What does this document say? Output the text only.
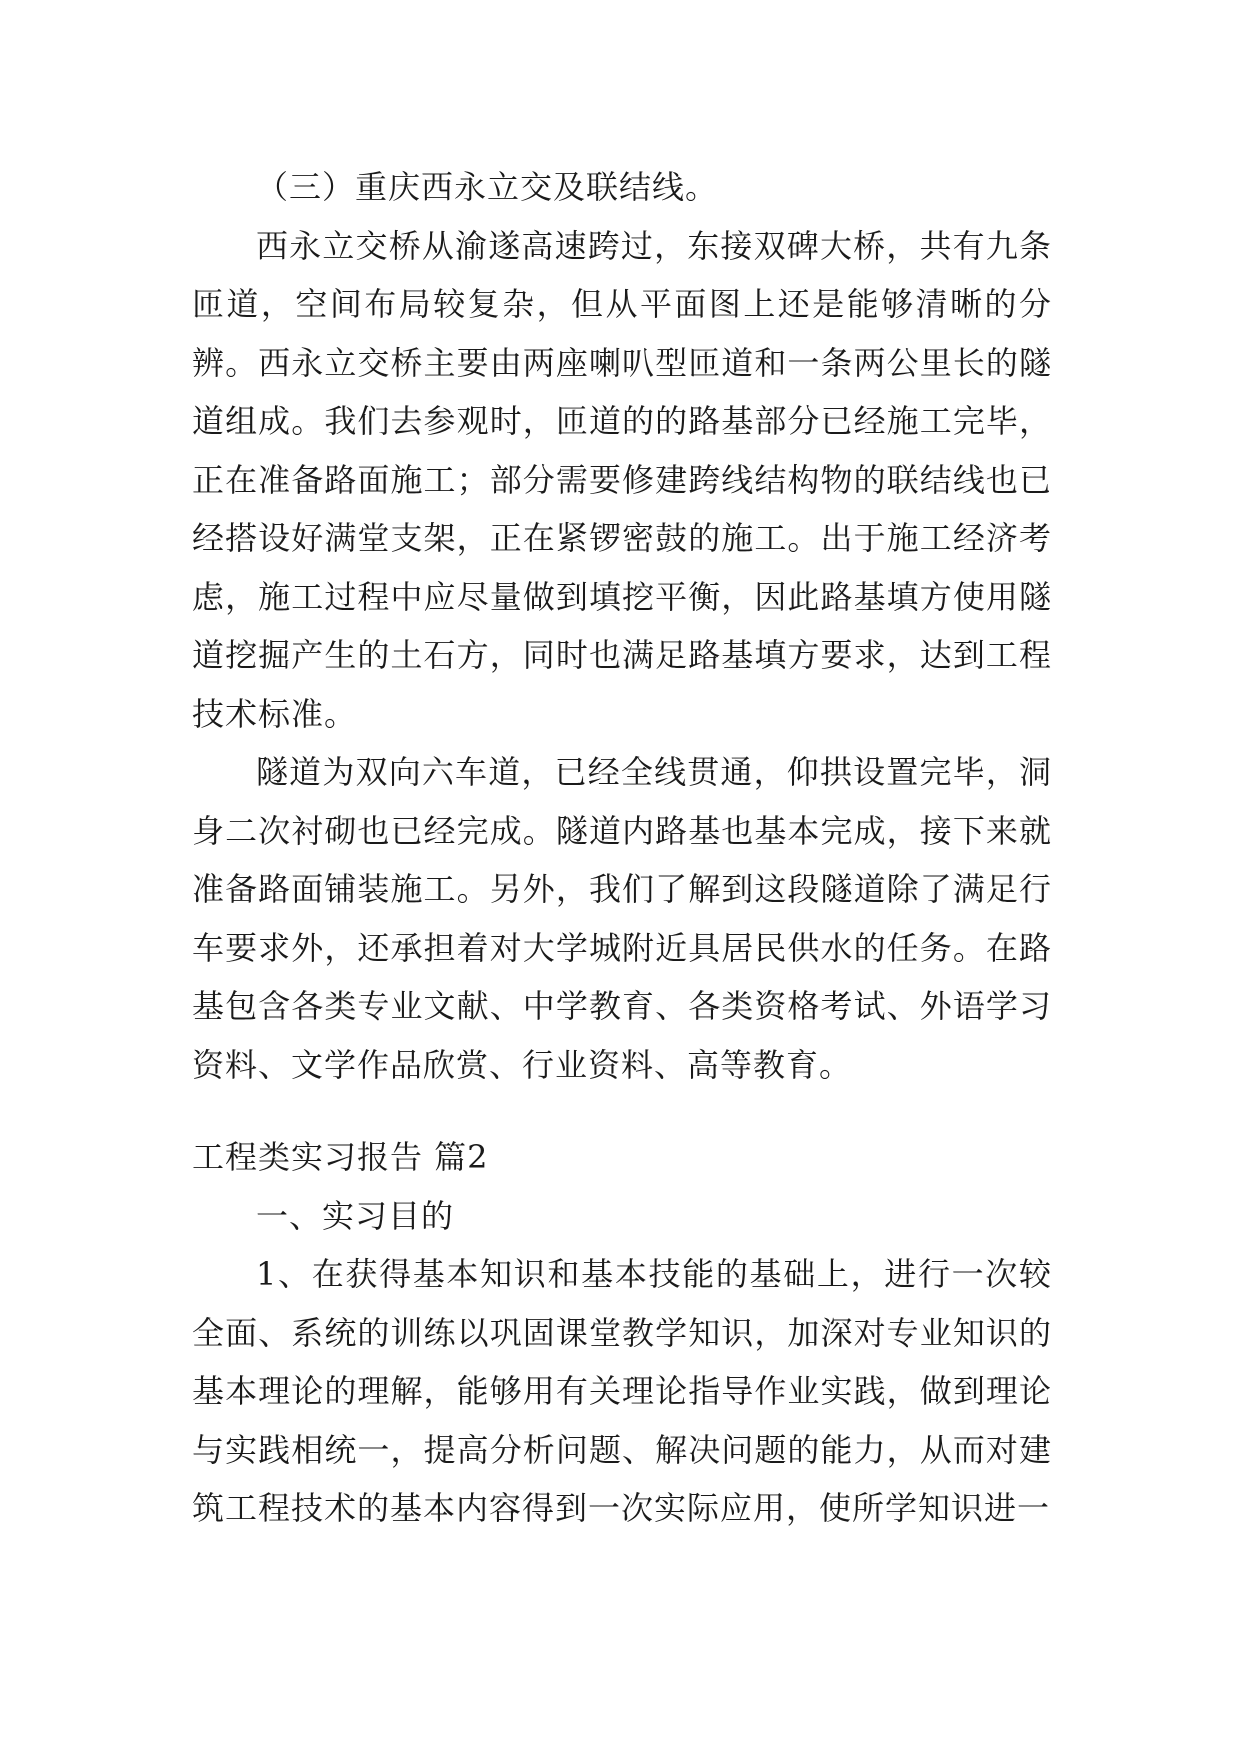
（三）重庆西永立交及联结线。

西永立交桥从渝遂高速跨过，东接双碑大桥，共有九条匝道，空间布局较复杂，但从平面图上还是能够清晰的分辨。西永立交桥主要由两座喇叭型匝道和一条两公里长的隧道组成。我们去参观时，匝道的的路基部分已经施工完毕，正在准备路面施工；部分需要修建跨线结构物的联结线也已经搭设好满堂支架，正在紧锣密鼓的施工。出于施工经济考虑，施工过程中应尽量做到填挖平衡，因此路基填方使用隧道挖掘产生的土石方，同时也满足路基填方要求，达到工程技术标准。

隧道为双向六车道，已经全线贯通，仰拱设置完毕，洞身二次衬砌也已经完成。隧道内路基也基本完成，接下来就准备路面铺装施工。另外，我们了解到这段隧道除了满足行车要求外，还承担着对大学城附近具居民供水的任务。在路基包含各类专业文献、中学教育、各类资格考试、外语学习资料、文学作品欣赏、行业资料、高等教育。

工程类实习报告 篇2

一、实习目的

1、在获得基本知识和基本技能的基础上，进行一次较全面、系统的训练以巩固课堂教学知识，加深对专业知识的基本理论的理解，能够用有关理论指导作业实践，做到理论与实践相统一，提高分析问题、解决问题的能力，从而对建筑工程技术的基本内容得到一次实际应用，使所学知识进一
